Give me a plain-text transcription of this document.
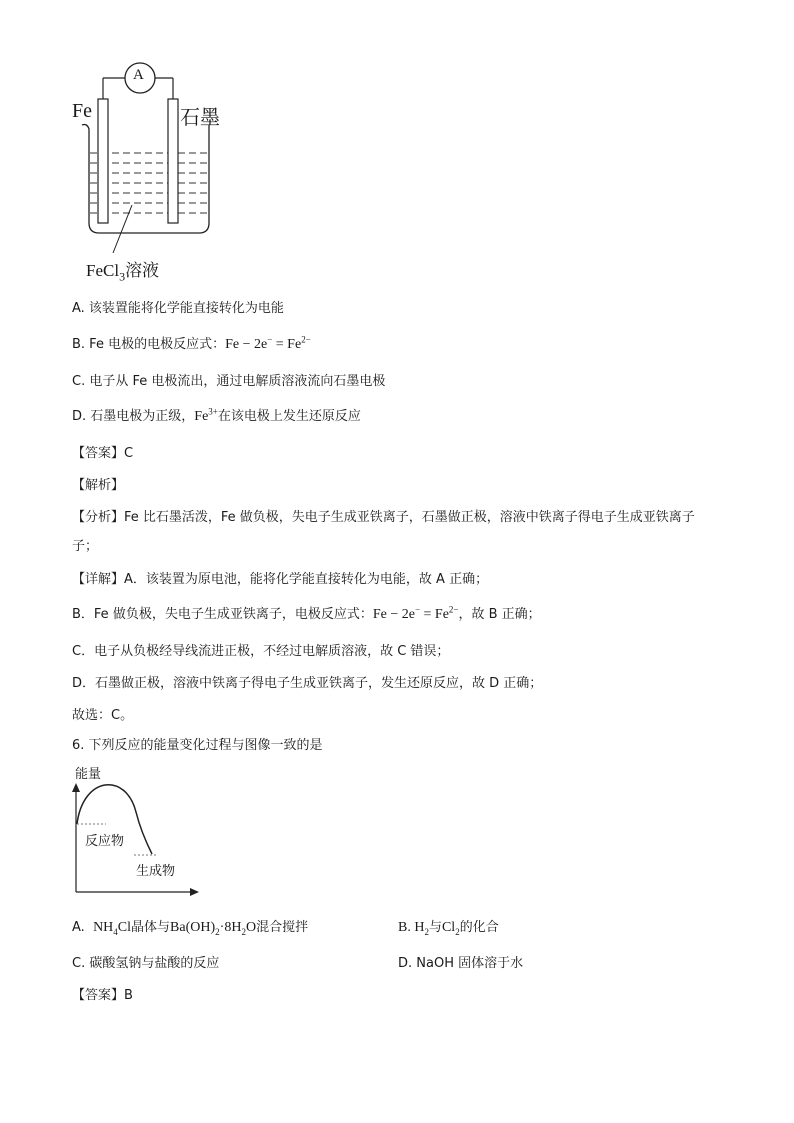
A
Fe	石墨
FeCl$_3$溶液
A. 该装置能将化学能直接转化为电能
B. Fe 电极的电极反应式：$Fe - 2e^- = Fe^{2-}$
C. 电子从 Fe 电极流出，通过电解质溶液流向石墨电极
D. 石墨电极为正级，$Fe^{3+}$在该电极上发生还原反应
【答案】C
【解析】
【分析】Fe 比石墨活泼，Fe 做负极，失电子生成亚铁离子，石墨做正极，溶液中铁离子得电子生成亚铁离子
子；
【详解】A．该装置为原电池，能将化学能直接转化为电能，故 A 正确；
B．Fe 做负极，失电子生成亚铁离子，电极反应式：$Fe - 2e^- = Fe^{2-}$，故 B 正确；
C．电子从负极经导线流进正极，不经过电解质溶液，故 C 错误；
D．石墨做正极，溶液中铁离子得电子生成亚铁离子，发生还原反应，故 D 正确；
故选：C。
6. 下列反应的能量变化过程与图像一致的是
能量
反应物
生成物
A. $NH_4Cl$晶体与$Ba(OH)_2\cdot 8H_2O$混合搅拌	B. $H_2$与$Cl_2$的化合
C. 碳酸氢钠与盐酸的反应	D. NaOH 固体溶于水
【答案】B
